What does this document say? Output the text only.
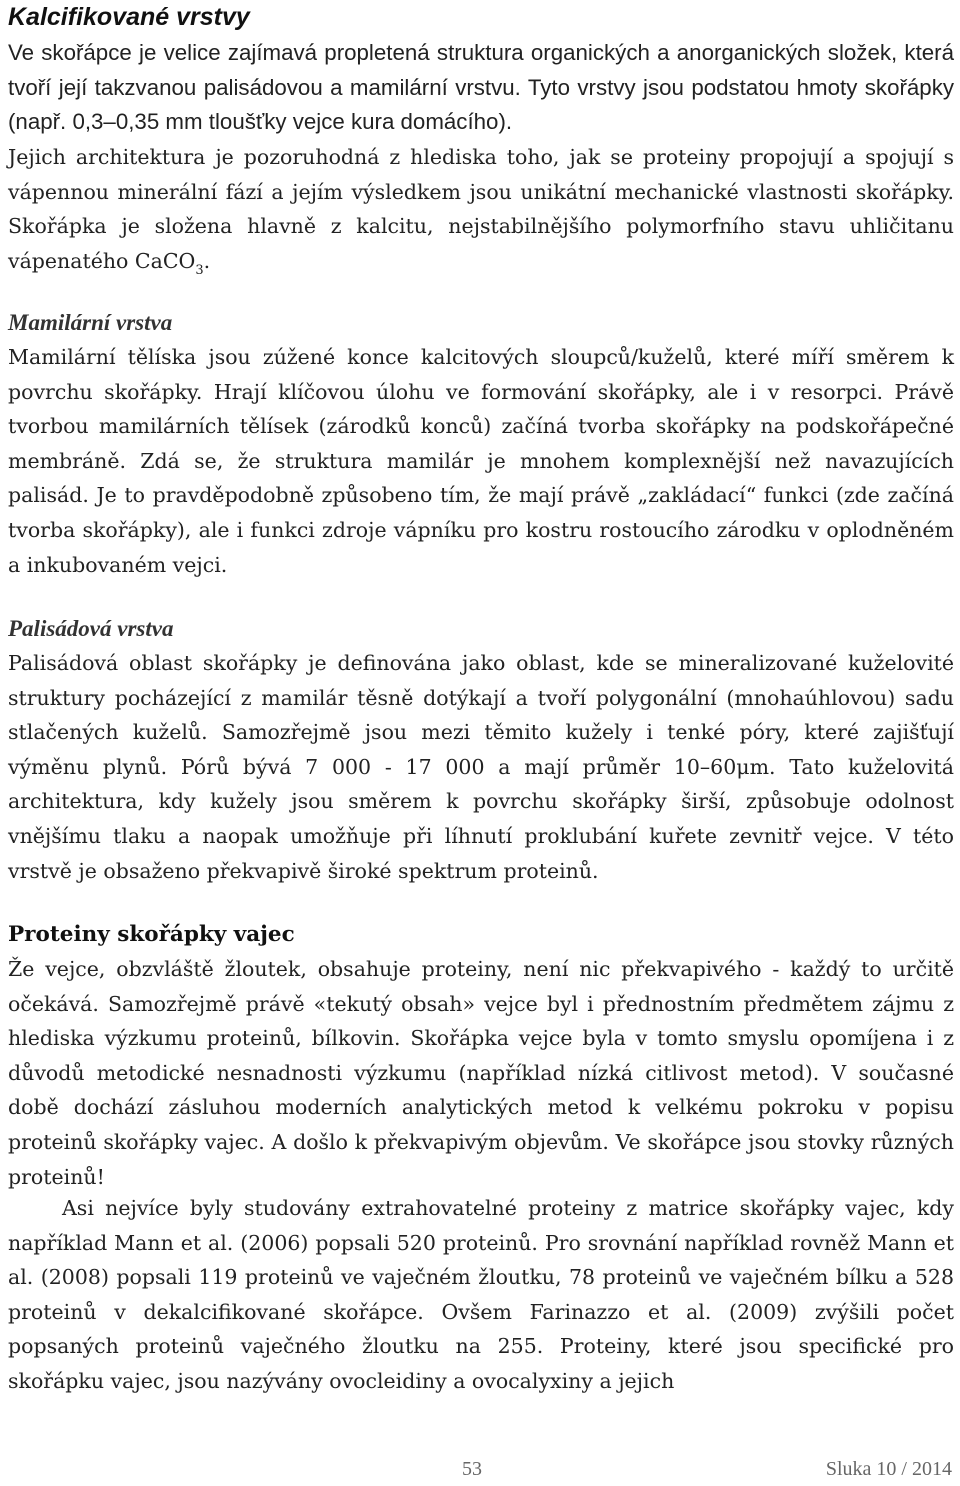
Kalcifikované vrstvy

Ve skořápce je velice zajímavá propletená struktura organických a anorganických složek, která tvoří její takzvanou palisádovou a mamilární vrstvu. Tyto vrstvy jsou podstatou hmoty skořápky (např. 0,3–0,35 mm tloušťky vejce kura domácího).

Jejich architektura je pozoruhodná z hlediska toho, jak se proteiny propojují a spojují s vápennou minerální fází a jejím výsledkem jsou unikátní mechanické vlastnosti skořápky. Skořápka je složena hlavně z kalcitu, nejstabilnějšího polymorfního stavu uhličitanu vápenatého CaCO$_3$.

Mamilární vrstva

Mamilární tělíska jsou zúžené konce kalcitových sloupců/kuželů, které míří směrem k povrchu skořápky. Hrají klíčovou úlohu ve formování skořápky, ale i v resorpci. Právě tvorbou mamilárních tělísek (zárodků konců) začíná tvorba skořápky na podskořápečné membráně. Zdá se, že struktura mamilár je mnohem komplexnější než navazujících palisád. Je to pravděpodobně způsobeno tím, že mají právě „zakládací“ funkci (zde začíná tvorba skořápky), ale i funkci zdroje vápníku pro kostru rostoucího zárodku v oplodněném a inkubovaném vejci.

Palisádová vrstva

Palisádová oblast skořápky je definována jako oblast, kde se mineralizované kuželovité struktury pocházející z mamilár těsně dotýkají a tvoří polygonální (mnohaúhlovou) sadu stlačených kuželů. Samozřejmě jsou mezi těmito kužely i tenké póry, které zajišťují výměnu plynů. Pórů bývá 7 000 - 17 000 a mají průměr 10–60μm. Tato kuželovitá architektura, kdy kužely jsou směrem k povrchu skořápky širší, způsobuje odolnost vnějšímu tlaku a naopak umožňuje při líhnutí proklubání kuřete zevnitř vejce. V této vrstvě je obsaženo překvapivě široké spektrum proteinů.

Proteiny skořápky vajec

Že vejce, obzvláště žloutek, obsahuje proteiny, není nic překvapivého - každý to určitě očekává. Samozřejmě právě «tekutý obsah» vejce byl i přednostním předmětem zájmu z hlediska výzkumu proteinů, bílkovin. Skořápka vejce byla v tomto smyslu opomíjena i z důvodů metodické nesnadnosti výzkumu (například nízká citlivost metod). V současné době dochází zásluhou moderních analytických metod k velkému pokroku v popisu proteinů skořápky vajec. A došlo k překvapivým objevům. Ve skořápce jsou stovky různých proteinů!

Asi nejvíce byly studovány extrahovatelné proteiny z matrice skořápky vajec, kdy například Mann et al. (2006) popsali 520 proteinů. Pro srovnání například rovněž Mann et al. (2008) popsali 119 proteinů ve vaječném žloutku, 78 proteinů ve vaječném bílku a 528 proteinů v dekalcifikované skořápce. Ovšem Farinazzo et al. (2009) zvýšili počet popsaných proteinů vaječného žloutku na 255. Proteiny, které jsou specifické pro skořápku vajec, jsou nazývány ovocleidiny a ovocalyxiny a jejich

53	Sluka 10 / 2014
